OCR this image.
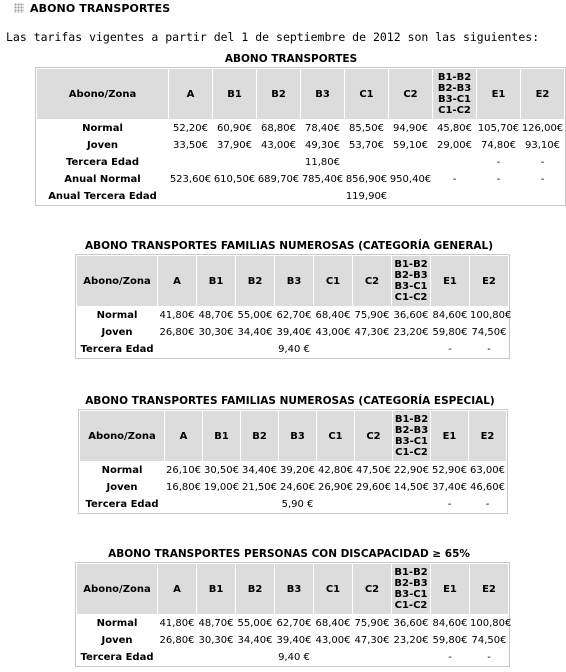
ABONO TRANSPORTES
Las tarifas vigentes a partir del 1 de septiembre de 2012 son las siguientes:
ABONO TRANSPORTES
Abono/Zona	A	B1	B2	B3	C1	C2	B1-B2
B2-B3
B3-C1
C1-C2	E1	E2
Normal	52,20€	60,90€	68,80€	78,40€	85,50€	94,90€	45,80€	105,70€	126,00€
Joven	33,50€	37,90€	43,00€	49,30€	53,70€	59,10€	29,00€	74,80€	93,10€
Tercera Edad	11,80€							-	-
Anual Normal	523,60€	610,50€	689,70€	785,40€	856,90€	950,40€	-	-	-
Anual Tercera Edad	119,90€								
ABONO TRANSPORTES FAMILIAS NUMEROSAS (CATEGORÍA GENERAL)
Abono/Zona	A	B1	B2	B3	C1	C2	B1-B2
B2-B3
B3-C1
C1-C2	E1	E2
Normal	41,80€	48,70€	55,00€	62,70€	68,40€	75,90€	36,60€	84,60€	100,80€
Joven	26,80€	30,30€	34,40€	39,40€	43,00€	47,30€	23,20€	59,80€	74,50€
Tercera Edad	9,40 €							-	-
ABONO TRANSPORTES FAMILIAS NUMEROSAS (CATEGORÍA ESPECIAL)
Abono/Zona	A	B1	B2	B3	C1	C2	B1-B2
B2-B3
B3-C1
C1-C2	E1	E2
Normal	26,10€	30,50€	34,40€	39,20€	42,80€	47,50€	22,90€	52,90€	63,00€
Joven	16,80€	19,00€	21,50€	24,60€	26,90€	29,60€	14,50€	37,40€	46,60€
Tercera Edad	5,90 €							-	-
ABONO TRANSPORTES PERSONAS CON DISCAPACIDAD ≥ 65%
Abono/Zona	A	B1	B2	B3	C1	C2	B1-B2
B2-B3
B3-C1
C1-C2	E1	E2
Normal	41,80€	48,70€	55,00€	62,70€	68,40€	75,90€	36,60€	84,60€	100,80€
Joven	26,80€	30,30€	34,40€	39,40€	43,00€	47,30€	23,20€	59,80€	74,50€
Tercera Edad	9,40 €							-	-
